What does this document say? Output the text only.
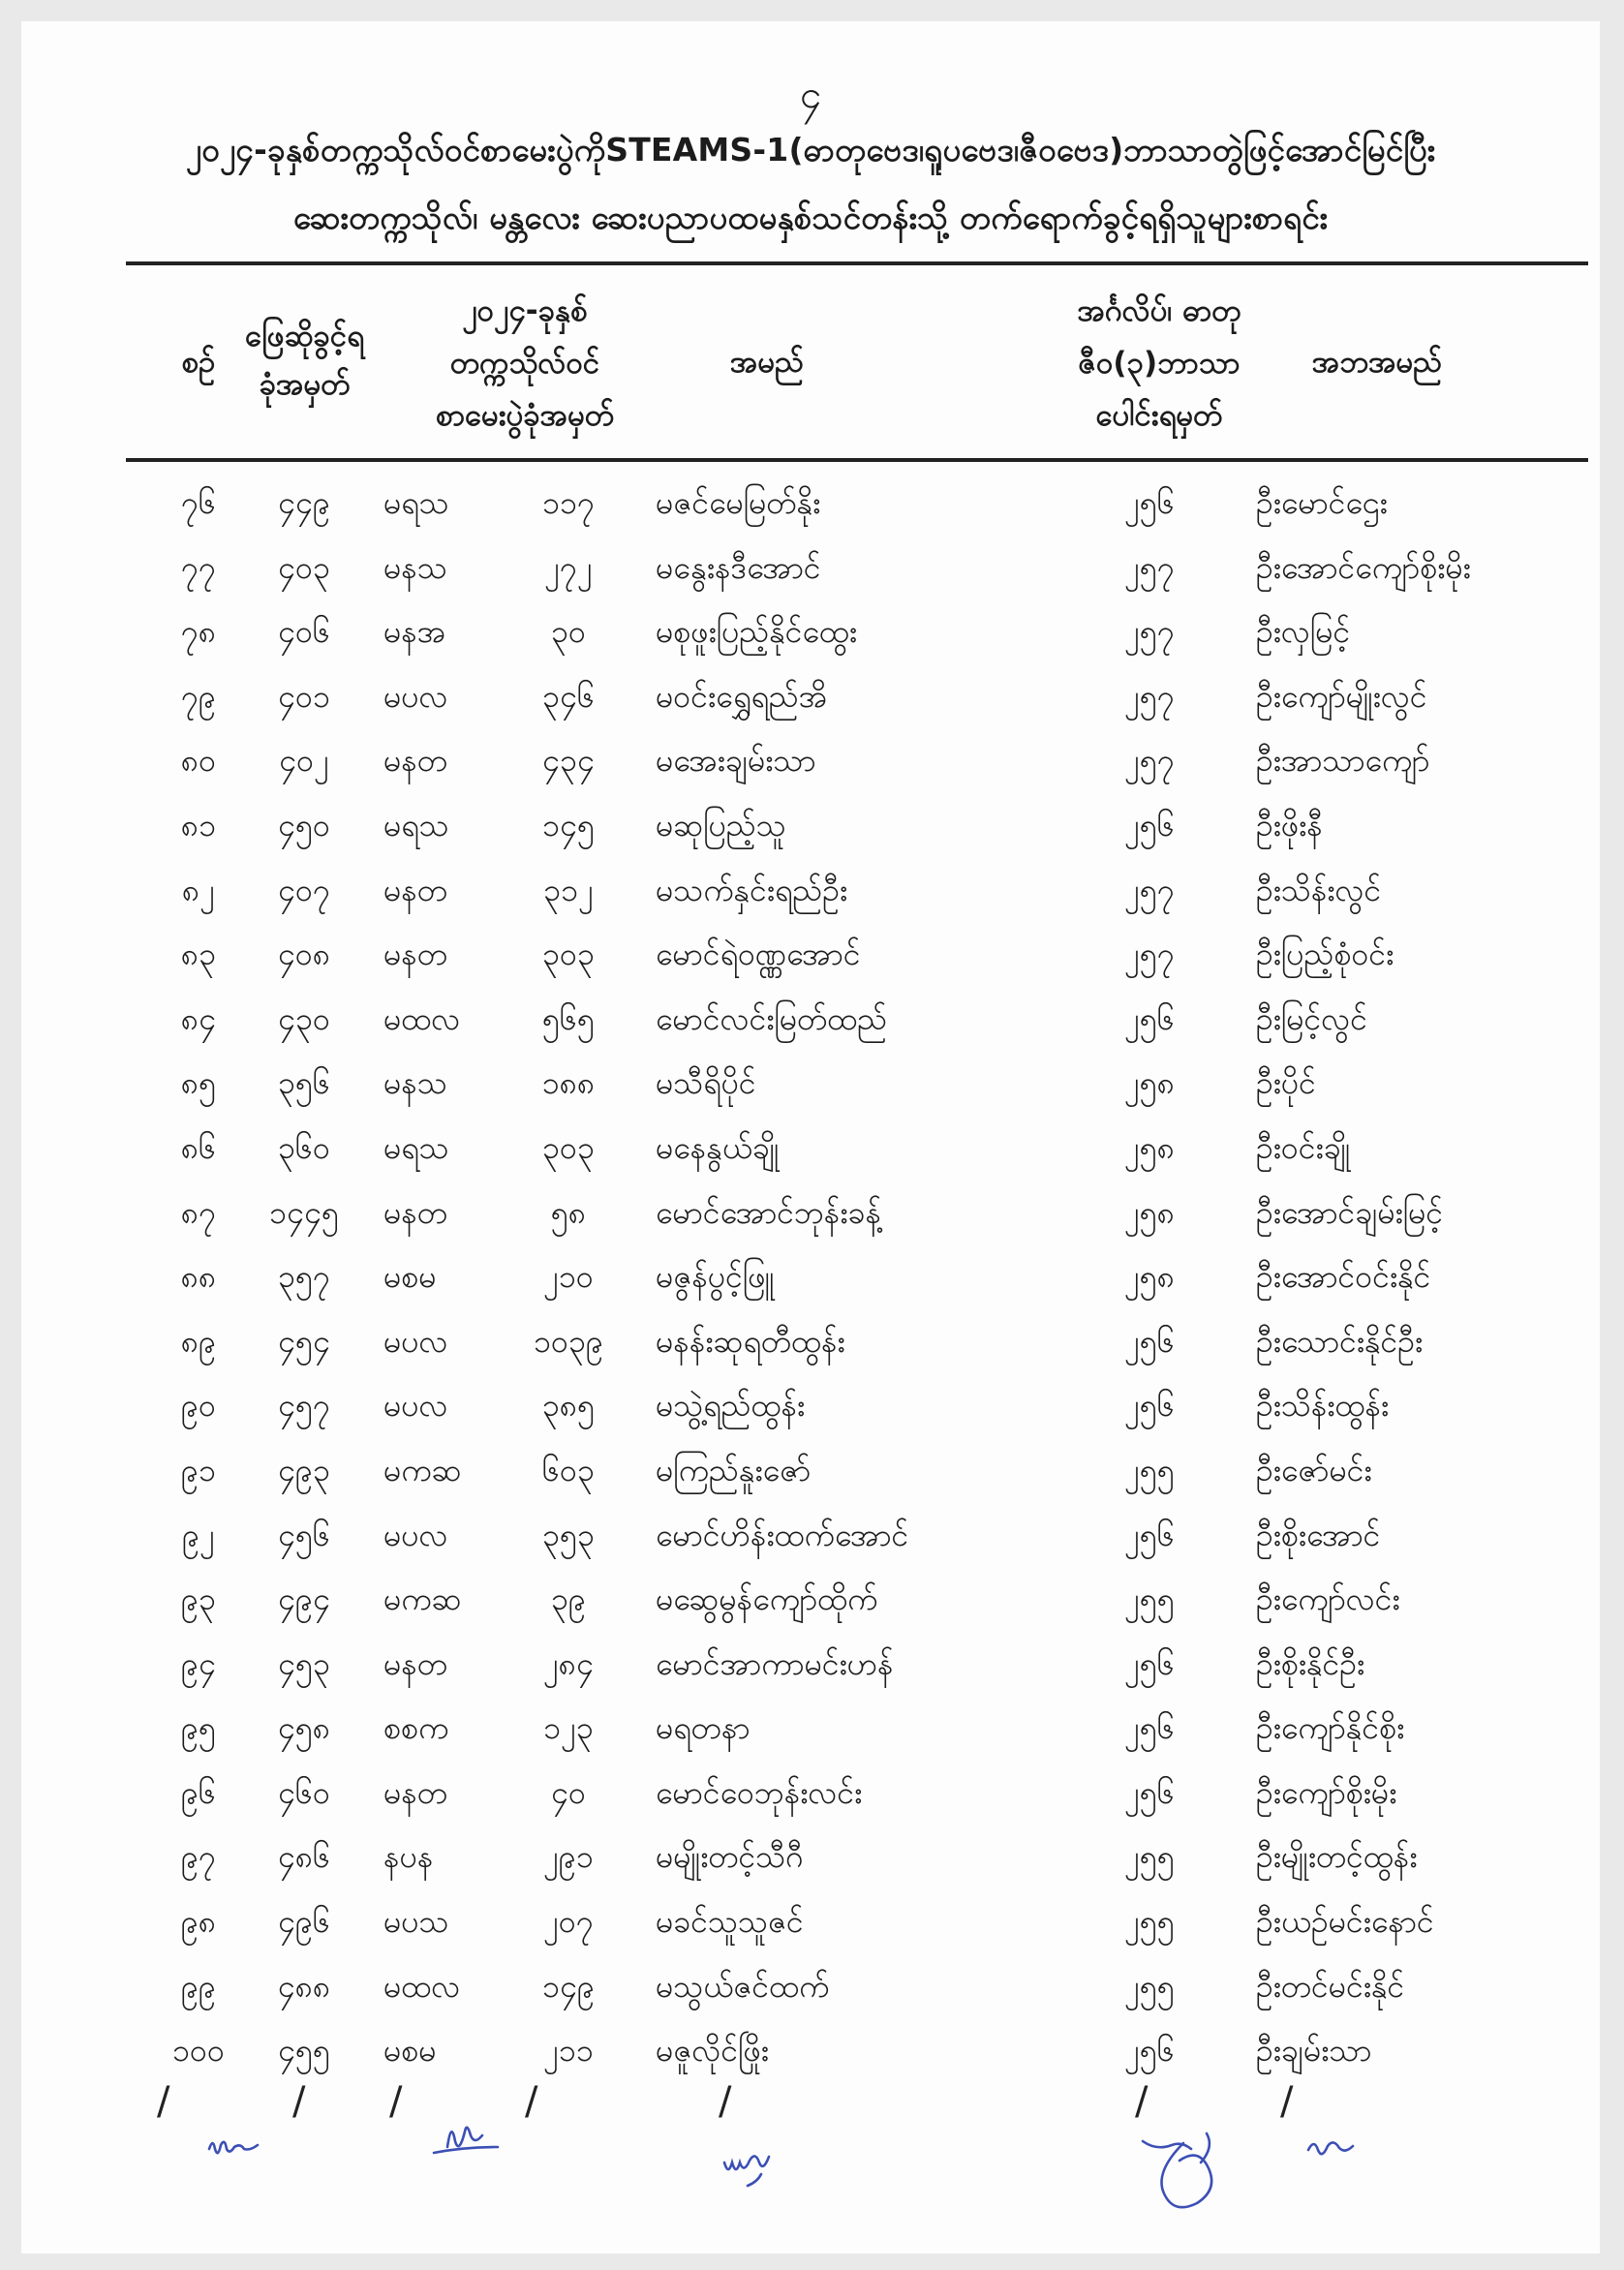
၄
၂၀၂၄-ခုနှစ်တက္ကသိုလ်ဝင်စာမေးပွဲကိုSTEAMS-1(ဓာတုဗေဒ၊ရူပဗေဒ၊ဇီဝဗေဒ)ဘာသာတွဲဖြင့်အောင်မြင်ပြီး
ဆေးတက္ကသိုလ်၊ မန္တလေး ဆေးပညာပထမနှစ်သင်တန်းသို့ တက်ရောက်ခွင့်ရရှိသူများစာရင်း
စဉ်
ဖြေဆိုခွင့်ရ
ခုံအမှတ်
၂၀၂၄-ခုနှစ်
တက္ကသိုလ်ဝင်
စာမေးပွဲခုံအမှတ်
အမည်
အင်္ဂလိပ်၊ ဓာတု
ဇီဝ(၃)ဘာသာ
ပေါင်းရမှတ်
အဘအမည်
၇၆	၄၄၉	မရသ	၁၁၇	မဇင်မေမြတ်နိုး	၂၅၆	ဦးမောင်ဌေး
၇၇	၄၀၃	မနသ	၂၇၂	မနွေးနဒီအောင်	၂၅၇	ဦးအောင်ကျော်စိုးမိုး
၇၈	၄၀၆	မနအ	၃၀	မစုဖူးပြည့်နိုင်ထွေး	၂၅၇	ဦးလှမြင့်
၇၉	၄၀၁	မပလ	၃၄၆	မဝင်းရွှေရည်အိ	၂၅၇	ဦးကျော်မျိုးလွင်
၈၀	၄၀၂	မနတ	၄၃၄	မအေးချမ်းသာ	၂၅၇	ဦးအာသာကျော်
၈၁	၄၅၀	မရသ	၁၄၅	မဆုပြည့်သူ	၂၅၆	ဦးဖိုးနီ
၈၂	၄၀၇	မနတ	၃၁၂	မသက်နှင်းရည်ဦး	၂၅၇	ဦးသိန်းလွင်
၈၃	၄၀၈	မနတ	၃၀၃	မောင်ရဲဝဏ္ဏအောင်	၂၅၇	ဦးပြည့်စုံဝင်း
၈၄	၄၃၀	မထလ	၅၆၅	မောင်လင်းမြတ်ထည်	၂၅၆	ဦးမြင့်လွင်
၈၅	၃၅၆	မနသ	၁၈၈	မသီရိပိုင်	၂၅၈	ဦးပိုင်
၈၆	၃၆၀	မရသ	၃၀၃	မနေနွယ်ချို	၂၅၈	ဦးဝင်းချို
၈၇	၁၄၄၅	မနတ	၅၈	မောင်အောင်ဘုန်းခန့်	၂၅၈	ဦးအောင်ချမ်းမြင့်
၈၈	၃၅၇	မစမ	၂၁၀	မဇွန်ပွင့်ဖြူ	၂၅၈	ဦးအောင်ဝင်းနိုင်
၈၉	၄၅၄	မပလ	၁၀၃၉	မနန်းဆုရတီထွန်း	၂၅၆	ဦးသောင်းနိုင်ဦး
၉၀	၄၅၇	မပလ	၃၈၅	မသွဲ့ရည်ထွန်း	၂၅၆	ဦးသိန်းထွန်း
၉၁	၄၉၃	မကဆ	၆၀၃	မကြည်နူးဇော်	၂၅၅	ဦးဇော်မင်း
၉၂	၄၅၆	မပလ	၃၅၃	မောင်ဟိန်းထက်အောင်	၂၅၆	ဦးစိုးအောင်
၉၃	၄၉၄	မကဆ	၃၉	မဆွေမွန်ကျော်ထိုက်	၂၅၅	ဦးကျော်လင်း
၉၄	၄၅၃	မနတ	၂၈၄	မောင်အာကာမင်းဟန်	၂၅၆	ဦးစိုးနိုင်ဦး
၉၅	၄၅၈	စစက	၁၂၃	မရတနာ	၂၅၆	ဦးကျော်နိုင်စိုး
၉၆	၄၆၀	မနတ	၄၀	မောင်ဝေဘုန်းလင်း	၂၅၆	ဦးကျော်စိုးမိုး
၉၇	၄၈၆	နပန	၂၉၁	မမျိုးတင့်သီဂီ	၂၅၅	ဦးမျိုးတင့်ထွန်း
၉၈	၄၉၆	မပသ	၂၀၇	မခင်သူသူဇင်	၂၅၅	ဦးယဉ်မင်းနောင်
၉၉	၄၈၈	မထလ	၁၄၉	မသွယ်ဇင်ထက်	၂၅၅	ဦးတင်မင်းနိုင်
၁၀၀	၄၅၅	မစမ	၂၁၁	မဇူလိုင်ဖြိုး	၂၅၆	ဦးချမ်းသာ
/	/ /	/	/	/	/
